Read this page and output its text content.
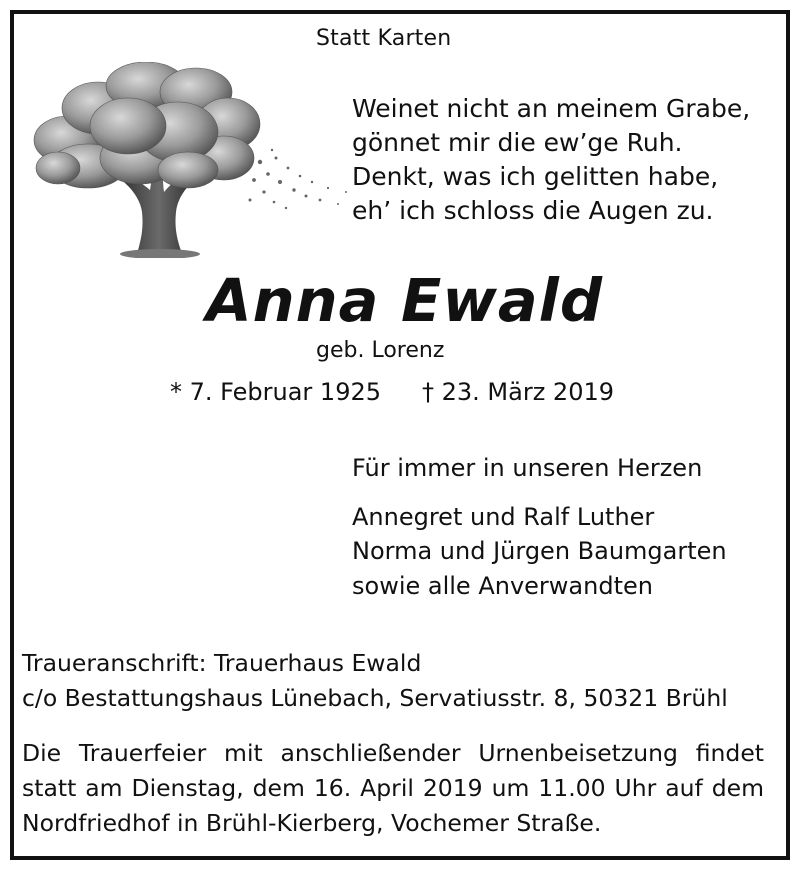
Statt Karten
Weinet nicht an meinem Grabe,
gönnet mir die ew’ge Ruh.
Denkt, was ich gelitten habe,
eh’ ich schloss die Augen zu.
Anna Ewald
geb. Lorenz
* 7. Februar 1925 † 23. März 2019
Für immer in unseren Herzen
Annegret und Ralf Luther
Norma und Jürgen Baumgarten
sowie alle Anverwandten
Traueranschrift: Trauerhaus Ewald
c/o Bestattungshaus Lünebach, Servatiusstr. 8, 50321 Brühl
Die Trauerfeier mit anschließender Urnenbeisetzung findet
statt am Dienstag, dem 16. April 2019 um 11.00 Uhr auf dem
Nordfriedhof in Brühl-Kierberg, Vochemer Straße.
